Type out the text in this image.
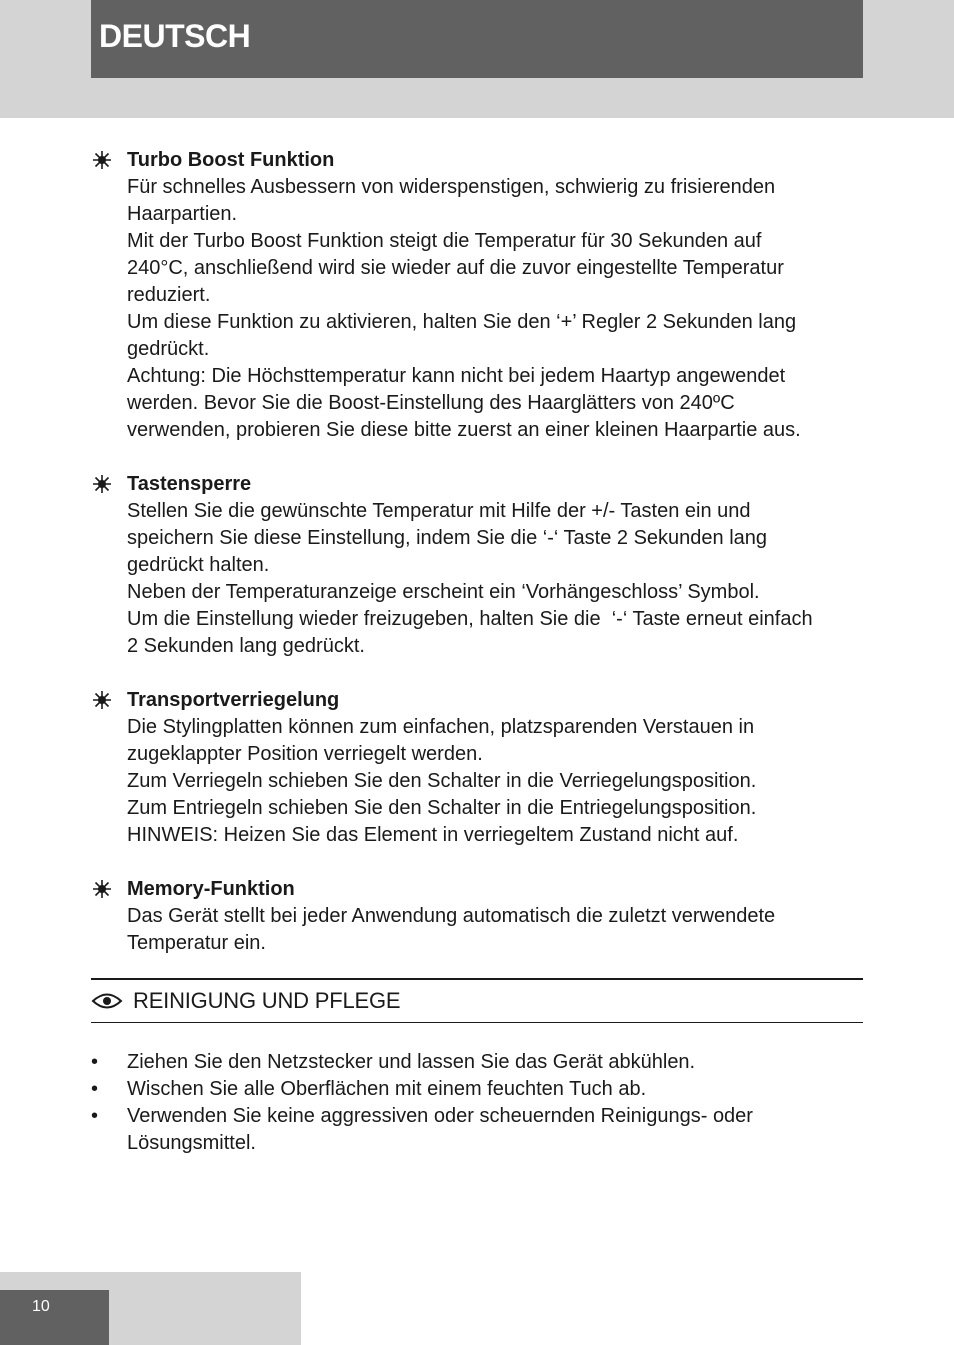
DEUTSCH
Turbo Boost Funktion
Für schnelles Ausbessern von widerspenstigen, schwierig zu frisierenden
Haarpartien.
Mit der Turbo Boost Funktion steigt die Temperatur für 30 Sekunden auf
240°C, anschließend wird sie wieder auf die zuvor eingestellte Temperatur
reduziert.
Um diese Funktion zu aktivieren, halten Sie den ‘+’ Regler 2 Sekunden lang
gedrückt.
Achtung: Die Höchsttemperatur kann nicht bei jedem Haartyp angewendet
werden. Bevor Sie die Boost-Einstellung des Haarglätters von 240ºC
verwenden, probieren Sie diese bitte zuerst an einer kleinen Haarpartie aus.
Tastensperre
Stellen Sie die gewünschte Temperatur mit Hilfe der +/- Tasten ein und
speichern Sie diese Einstellung, indem Sie die ‘-‘ Taste 2 Sekunden lang
gedrückt halten.
Neben der Temperaturanzeige erscheint ein ‘Vorhängeschloss’ Symbol.
Um die Einstellung wieder freizugeben, halten Sie die  ‘-‘ Taste erneut einfach
2 Sekunden lang gedrückt.
Transportverriegelung
Die Stylingplatten können zum einfachen, platzsparenden Verstauen in
zugeklappter Position verriegelt werden.
Zum Verriegeln schieben Sie den Schalter in die Verriegelungsposition.
Zum Entriegeln schieben Sie den Schalter in die Entriegelungsposition.
HINWEIS: Heizen Sie das Element in verriegeltem Zustand nicht auf.
Memory-Funktion
Das Gerät stellt bei jeder Anwendung automatisch die zuletzt verwendete
Temperatur ein.
REINIGUNG UND PFLEGE
• Ziehen Sie den Netzstecker und lassen Sie das Gerät abkühlen.
• Wischen Sie alle Oberflächen mit einem feuchten Tuch ab.
• Verwenden Sie keine aggressiven oder scheuernden Reinigungs- oder
Lösungsmittel.
10
